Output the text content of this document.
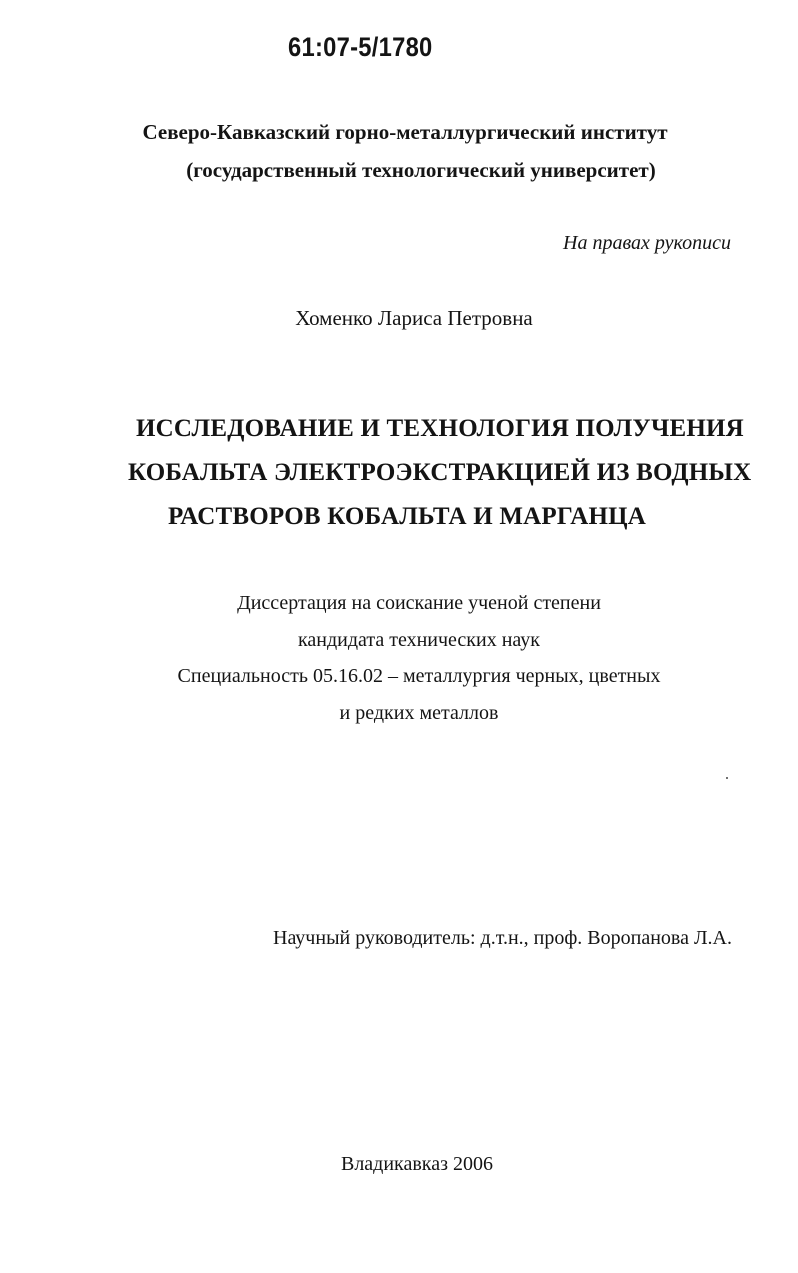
61:07-5/1780
Северо-Кавказский горно-металлургический институт
(государственный технологический университет)
На правах рукописи
Хоменко Лариса Петровна
ИССЛЕДОВАНИЕ И ТЕХНОЛОГИЯ ПОЛУЧЕНИЯ
КОБАЛЬТА ЭЛЕКТРОЭКСТРАКЦИЕЙ ИЗ ВОДНЫХ
РАСТВОРОВ КОБАЛЬТА И МАРГАНЦА
Диссертация на соискание ученой степени
кандидата технических наук
Специальность 05.16.02 – металлургия черных, цветных
и редких металлов
Научный руководитель: д.т.н., проф. Воропанова Л.А.
Владикавказ 2006
